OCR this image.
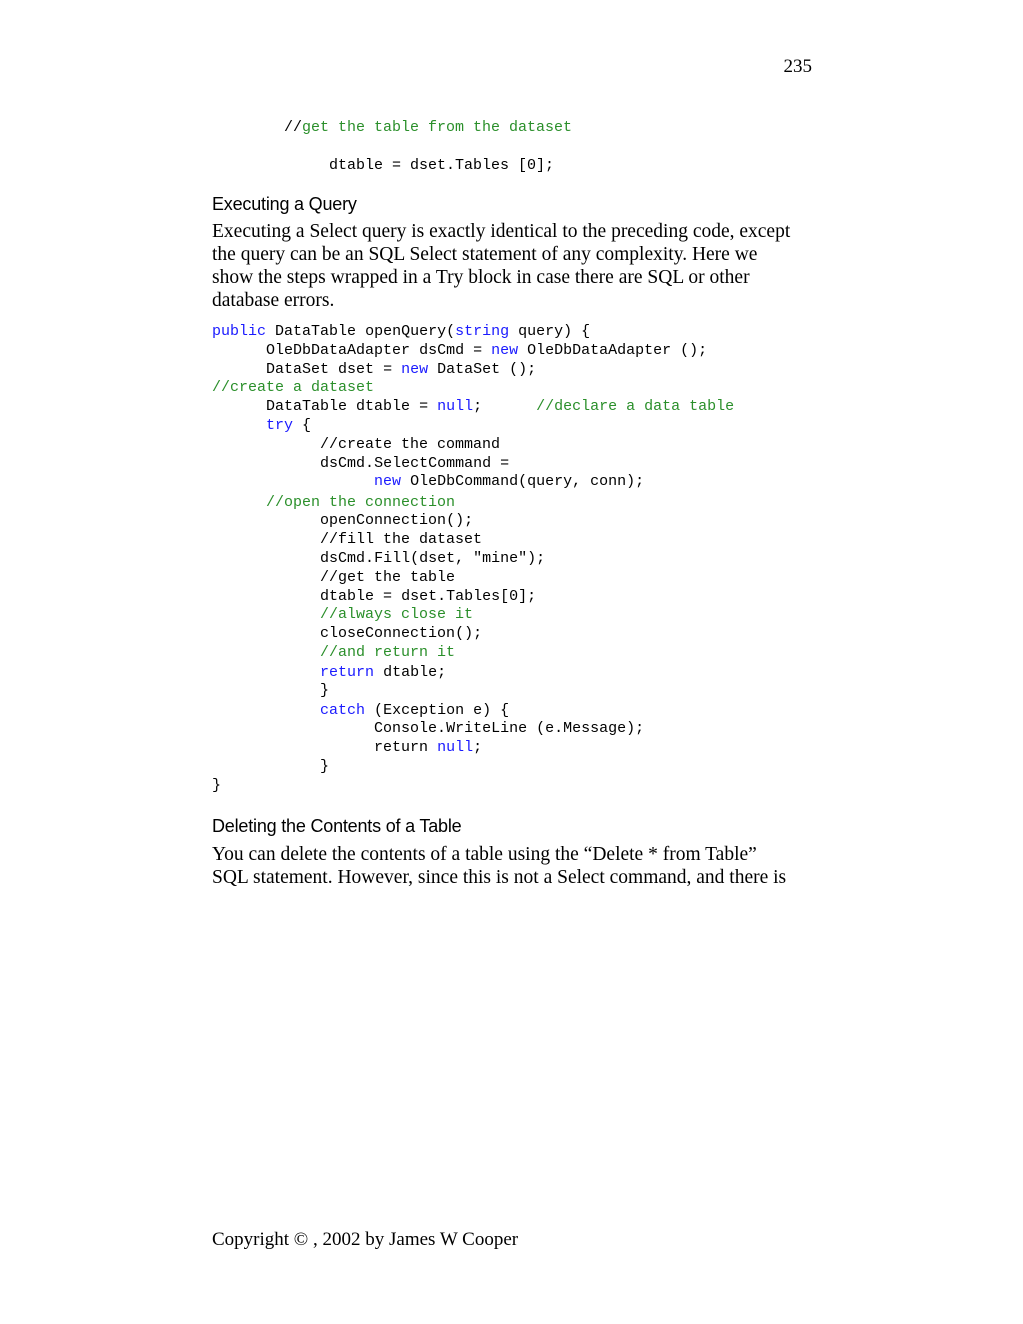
235
//get the table from the dataset
dtable = dset.Tables [0];
Executing a Query

Executing a Select query is exactly identical to the preceding code, except

the query can be an SQL Select statement of any complexity. Here we

show the steps wrapped in a Try block in case there are SQL or other

database errors.

public DataTable openQuery(string query) {
OleDbDataAdapter dsCmd = new OleDbDataAdapter ();
DataSet dset = new DataSet ();
//create a dataset
DataTable dtable = null;      //declare a data table
try {
//create the command
dsCmd.SelectCommand =
new OleDbCommand(query, conn);
//open the connection
openConnection();
//fill the dataset
dsCmd.Fill(dset, "mine");
//get the table
dtable = dset.Tables[0];
//always close it
closeConnection();
//and return it
return dtable;
}
catch (Exception e) {
Console.WriteLine (e.Message);
return null;
}
}
Deleting the Contents of a Table

You can delete the contents of a table using the “Delete * from Table”

SQL statement. However, since this is not a Select command, and there is

Copyright © , 2002 by James W Cooper
